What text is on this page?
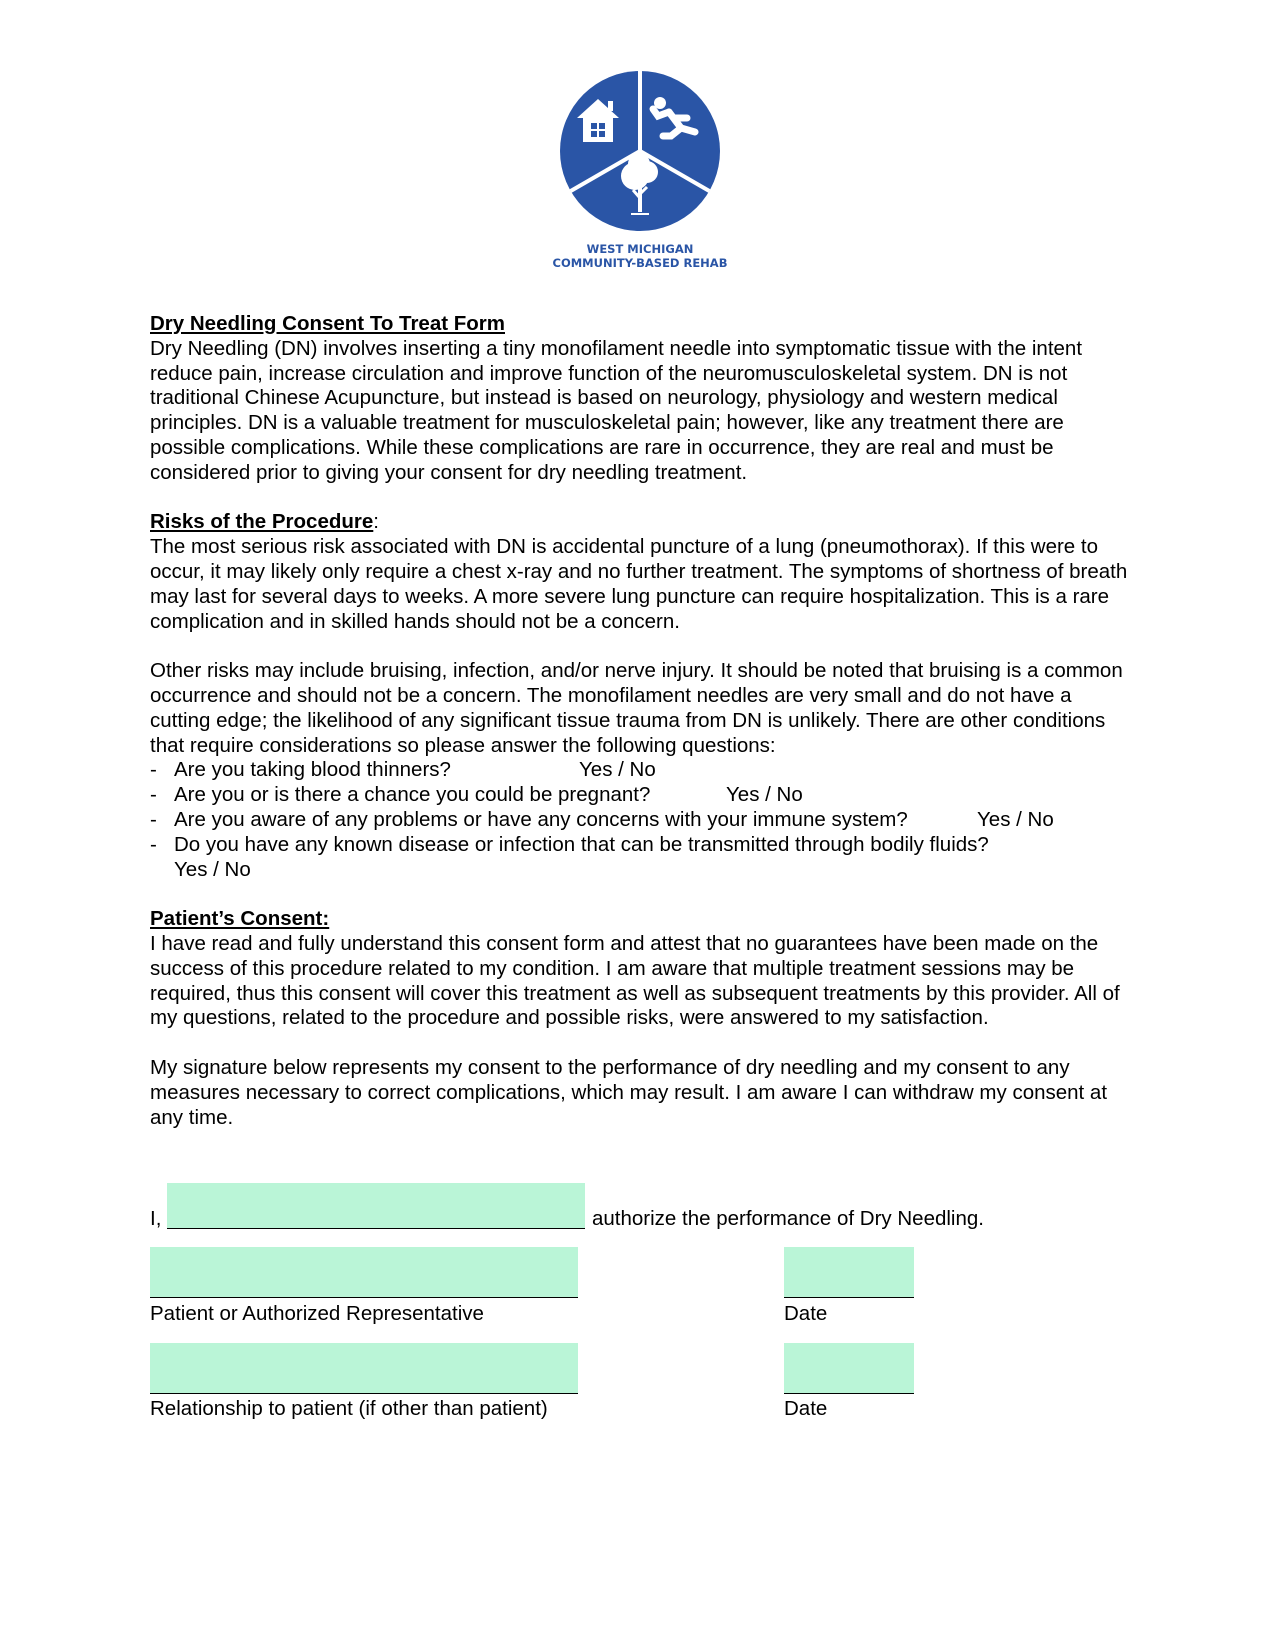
WEST MICHIGAN
COMMUNITY-BASED REHAB

Dry Needling Consent To Treat Form

Dry Needling (DN) involves inserting a tiny monofilament needle into symptomatic tissue with the intent reduce pain, increase circulation and improve function of the neuromusculoskeletal system. DN is not traditional Chinese Acupuncture, but instead is based on neurology, physiology and western medical principles. DN is a valuable treatment for musculoskeletal pain; however, like any treatment there are possible complications. While these complications are rare in occurrence, they are real and must be considered prior to giving your consent for dry needling treatment.

Risks of the Procedure:

The most serious risk associated with DN is accidental puncture of a lung (pneumothorax). If this were to occur, it may likely only require a chest x-ray and no further treatment. The symptoms of shortness of breath may last for several days to weeks. A more severe lung puncture can require hospitalization. This is a rare complication and in skilled hands should not be a concern.

Other risks may include bruising, infection, and/or nerve injury. It should be noted that bruising is a common occurrence and should not be a concern. The monofilament needles are very small and do not have a cutting edge; the likelihood of any significant tissue trauma from DN is unlikely. There are other conditions that require considerations so please answer the following questions:

- Are you taking blood thinners?	Yes / No
- Are you or is there a chance you could be pregnant?	Yes / No
- Are you aware of any problems or have any concerns with your immune system?	Yes / No
- Do you have any known disease or infection that can be transmitted through bodily fluids?
Yes / No

Patient’s Consent:

I have read and fully understand this consent form and attest that no guarantees have been made on the success of this procedure related to my condition. I am aware that multiple treatment sessions may be required, thus this consent will cover this treatment as well as subsequent treatments by this provider. All of my questions, related to the procedure and possible risks, were answered to my satisfaction.

My signature below represents my consent to the performance of dry needling and my consent to any measures necessary to correct complications, which may result. I am aware I can withdraw my consent at any time.

I,	authorize the performance of Dry Needling.
Patient or Authorized Representative	Date
Relationship to patient (if other than patient)	Date
